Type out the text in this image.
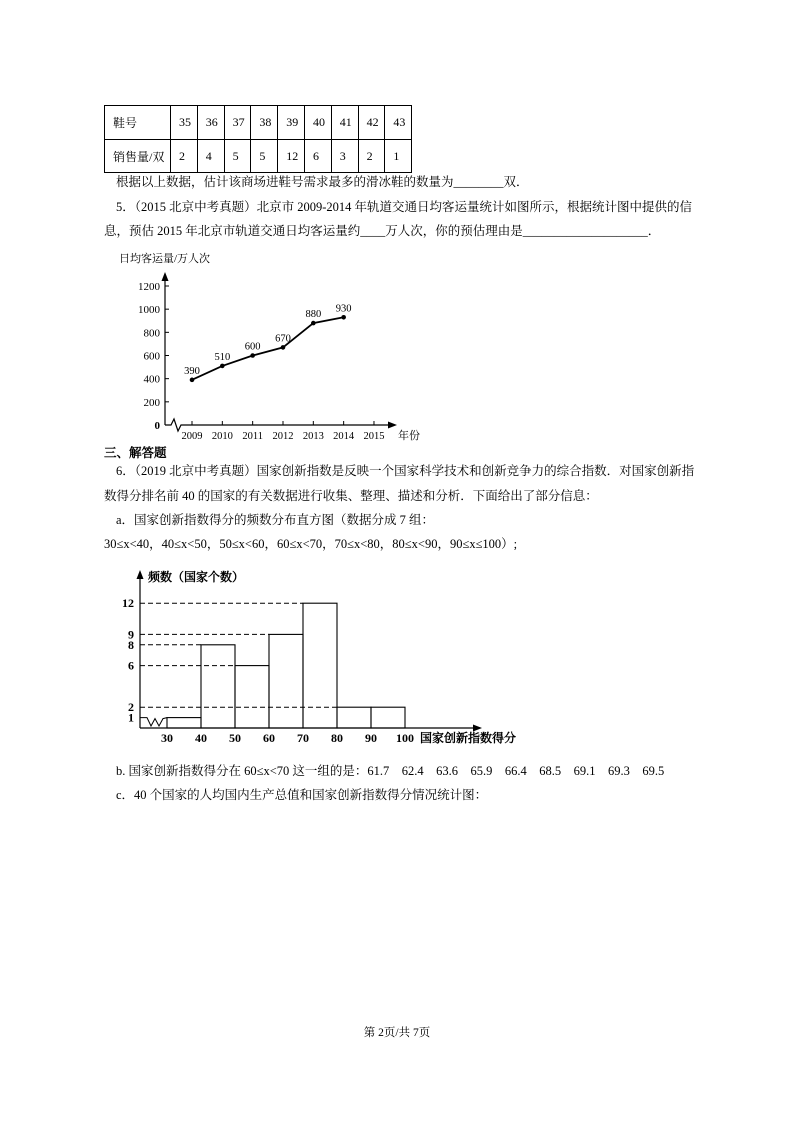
鞋号	35	36	37	38	39	40	41	42	43
销售量/双	2	4	5	5	12	6	3	2	1

根据以上数据，估计该商场进鞋号需求最多的滑冰鞋的数量为________双．

5．（2015 北京中考真题）北京市 2009-2014 年轨道交通日均客运量统计如图所示，根据统计图中提供的信

息，预估 2015 年北京市轨道交通日均客运量约____万人次，你的预估理由是____________________．

日均客运量/万人次
0
200
400
600
800
1000
1200
2009 2010 2011 2012 2013 2014 2015 年份
390
510
600
670
880
930

三、解答题

6．（2019 北京中考真题）国家创新指数是反映一个国家科学技术和创新竞争力的综合指数．对国家创新指

数得分排名前 40 的国家的有关数据进行收集、整理、描述和分析．下面给出了部分信息：

a．国家创新指数得分的频数分布直方图（数据分成 7 组：

30≤x<40，40≤x<50，50≤x<60，60≤x<70，70≤x<80，80≤x<90，90≤x≤100）;

1
2
6
8
9
12
30 40 50 60 70 80 90 100
频数（国家个数）
国家创新指数得分

b. 国家创新指数得分在 60≤x<70 这一组的是：61.7　62.4　63.6　65.9　66.4　68.5　69.1　69.3　69.5

c．40 个国家的人均国内生产总值和国家创新指数得分情况统计图：

第 2页/共 7页
